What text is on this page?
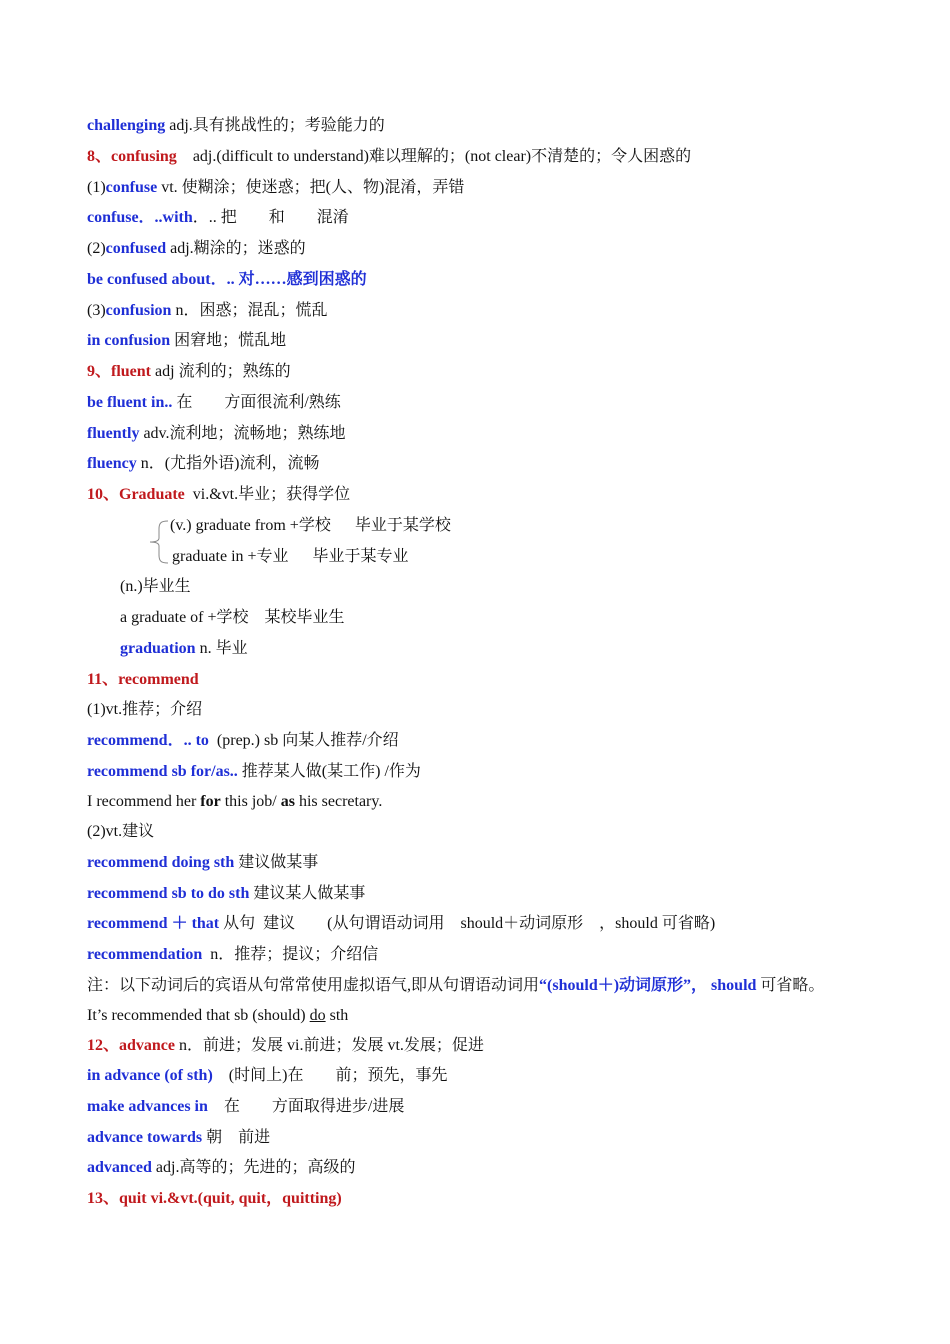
challenging adj.具有挑战性的；考验能力的
8、confusing    adj.(difficult to understand)难以理解的；(not clear)不清楚的；令人困惑的
(1)confuse vt. 使糊涂；使迷惑；把(人、物)混淆，弄错
confuse．..with．.. 把        和        混淆
(2)confused adj.糊涂的；迷惑的
be confused about．.. 对……感到困惑的
(3)confusion n．困惑；混乱；慌乱
in confusion 困窘地；慌乱地
9、fluent adj 流利的；熟练的
be fluent in.. 在        方面很流利/熟练
fluently adv.流利地；流畅地；熟练地
fluency n．(尤指外语)流利，流畅
10、Graduate  vi.&vt.毕业；获得学位
(v.) graduate from +学校      毕业于某学校
graduate in +专业      毕业于某专业
(n.)毕业生
a graduate of +学校    某校毕业生
graduation n. 毕业
11、recommend
(1)vt.推荐；介绍
recommend．.. to  (prep.) sb 向某人推荐/介绍
recommend sb for/as.. 推荐某人做(某工作) /作为
I recommend her for this job/ as his secretary.
(2)vt.建议
recommend doing sth 建议做某事
recommend sb to do sth 建议某人做某事
recommend ＋ that 从句  建议        (从句谓语动词用    should＋动词原形    ，should 可省略)
recommendation  n．推荐；提议；介绍信
注：以下动词后的宾语从句常常使用虚拟语气,即从句谓语动词用“(should＋)动词原形”， should 可省略。
It’s recommended that sb (should) do sth
12、advance n．前进；发展 vi.前进；发展 vt.发展；促进
in advance (of sth)    (时间上)在        前；预先，事先
make advances in    在        方面取得进步/进展
advance towards 朝    前进
advanced adj.高等的；先进的；高级的
13、quit vi.&vt.(quit, quit，quitting)
